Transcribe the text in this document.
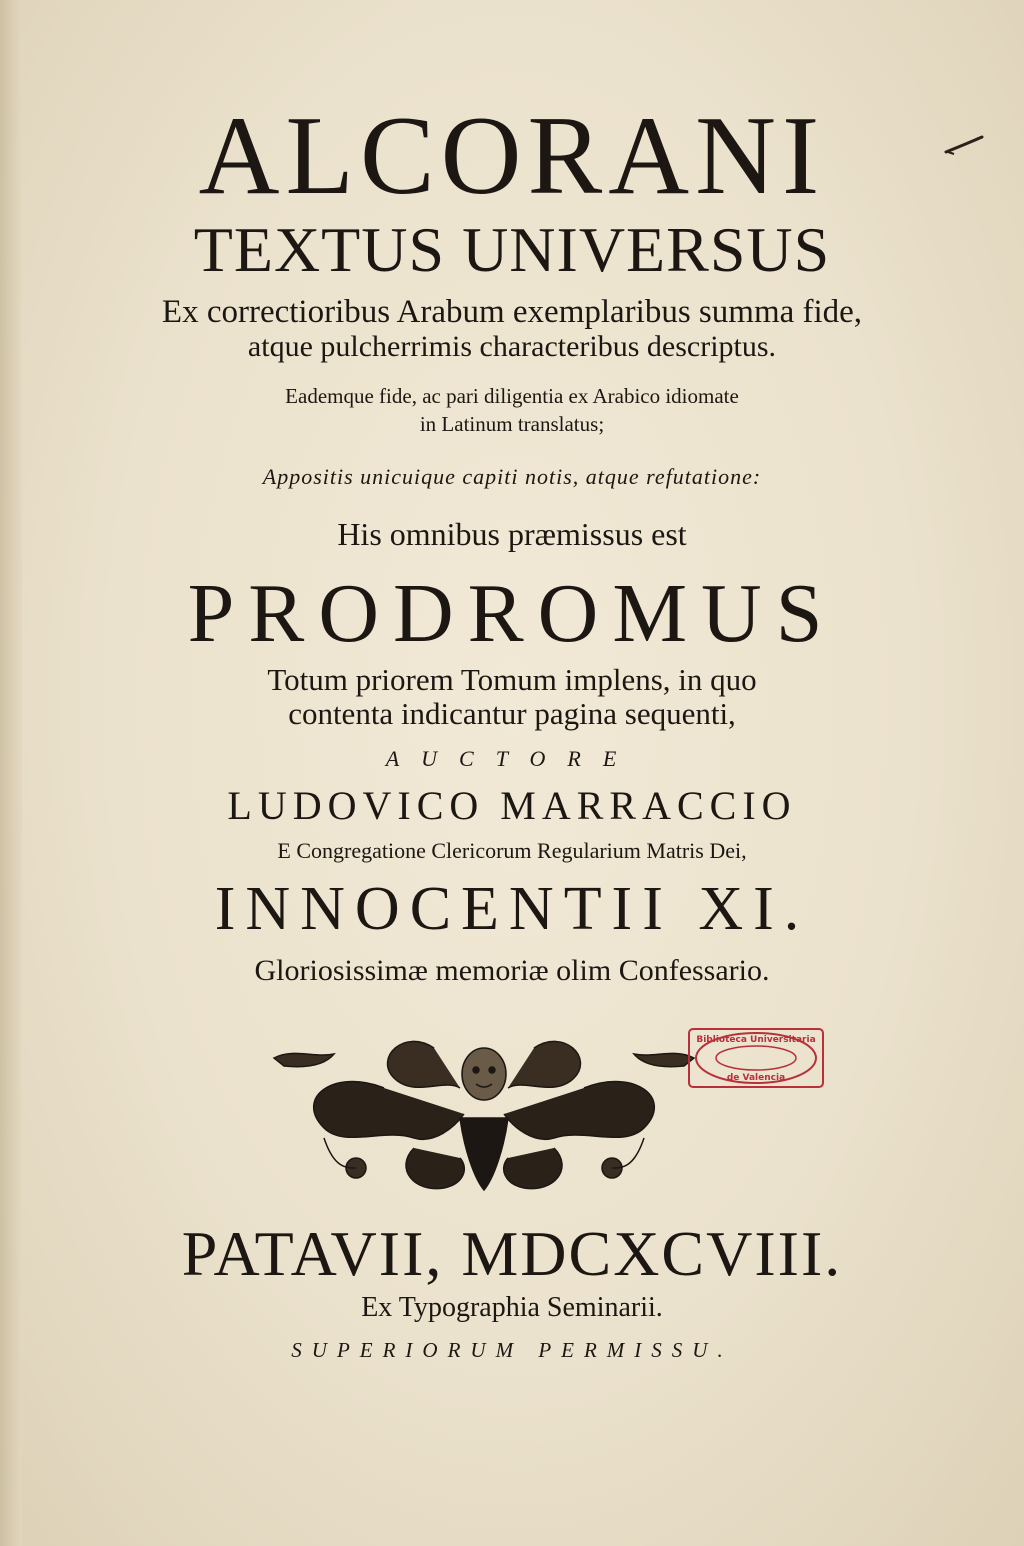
ALCORANI
TEXTUS UNIVERSUS
Ex correctioribus Arabum exemplaribus summa fide,
atque pulcherrimis characteribus descriptus.
Eademque fide, ac pari diligentia ex Arabico idiomate
in Latinum translatus;
Appositis unicuique capiti notis, atque refutatione:
His omnibus præmissus est
PRODROMUS
Totum priorem Tomum implens, in quo
contenta indicantur pagina sequenti,
AUCTORE
LUDOVICO MARRACCIO
E Congregatione Clericorum Regularium Matris Dei,
INNOCENTII XI.
Gloriosissimæ memoriæ olim Confessario.
Biblioteca Universitaria
de Valencia
PATAVII, MDCXCVIII.
Ex Typographia Seminarii.
SUPERIORUM PERMISSU.
